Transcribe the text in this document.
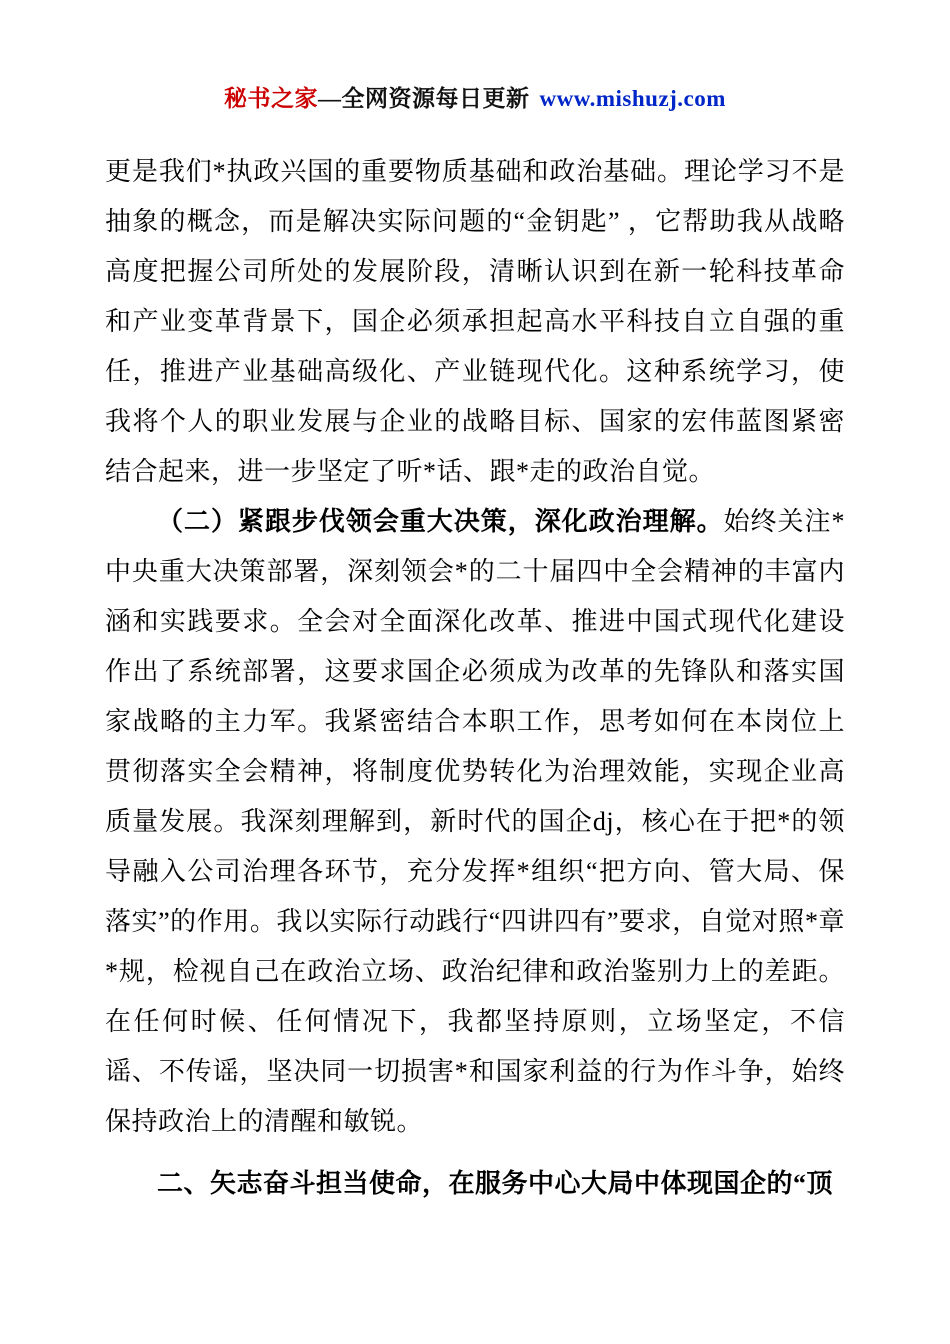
秘书之家—全网资源每日更新 www.mishuzj.com

更是我们*执政兴国的重要物质基础和政治基础。理论学习不是抽象的概念，而是解决实际问题的“金钥匙” ，它帮助我从战略高度把握公司所处的发展阶段，清晰认识到在新一轮科技革命和产业变革背景下，国企必须承担起高水平科技自立自强的重任，推进产业基础高级化、产业链现代化。这种系统学习，使我将个人的职业发展与企业的战略目标、国家的宏伟蓝图紧密结合起来，进一步坚定了听*话、跟*走的政治自觉。

（二）紧跟步伐领会重大决策，深化政治理解。始终关注*中央重大决策部署，深刻领会*的二十届四中全会精神的丰富内涵和实践要求。全会对全面深化改革、推进中国式现代化建设作出了系统部署，这要求国企必须成为改革的先锋队和落实国家战略的主力军。我紧密结合本职工作，思考如何在本岗位上贯彻落实全会精神，将制度优势转化为治理效能，实现企业高质量发展。我深刻理解到，新时代的国企dj，核心在于把*的领导融入公司治理各环节，充分发挥*组织“把方向、管大局、保落实”的作用。我以实际行动践行“四讲四有”要求，自觉对照*章*规，检视自己在政治立场、政治纪律和政治鉴别力上的差距。在任何时候、任何情况下，我都坚持原则，立场坚定，不信谣、不传谣，坚决同一切损害*和国家利益的行为作斗争，始终保持政治上的清醒和敏锐。

二、矢志奋斗担当使命，在服务中心大局中体现国企的“顶
